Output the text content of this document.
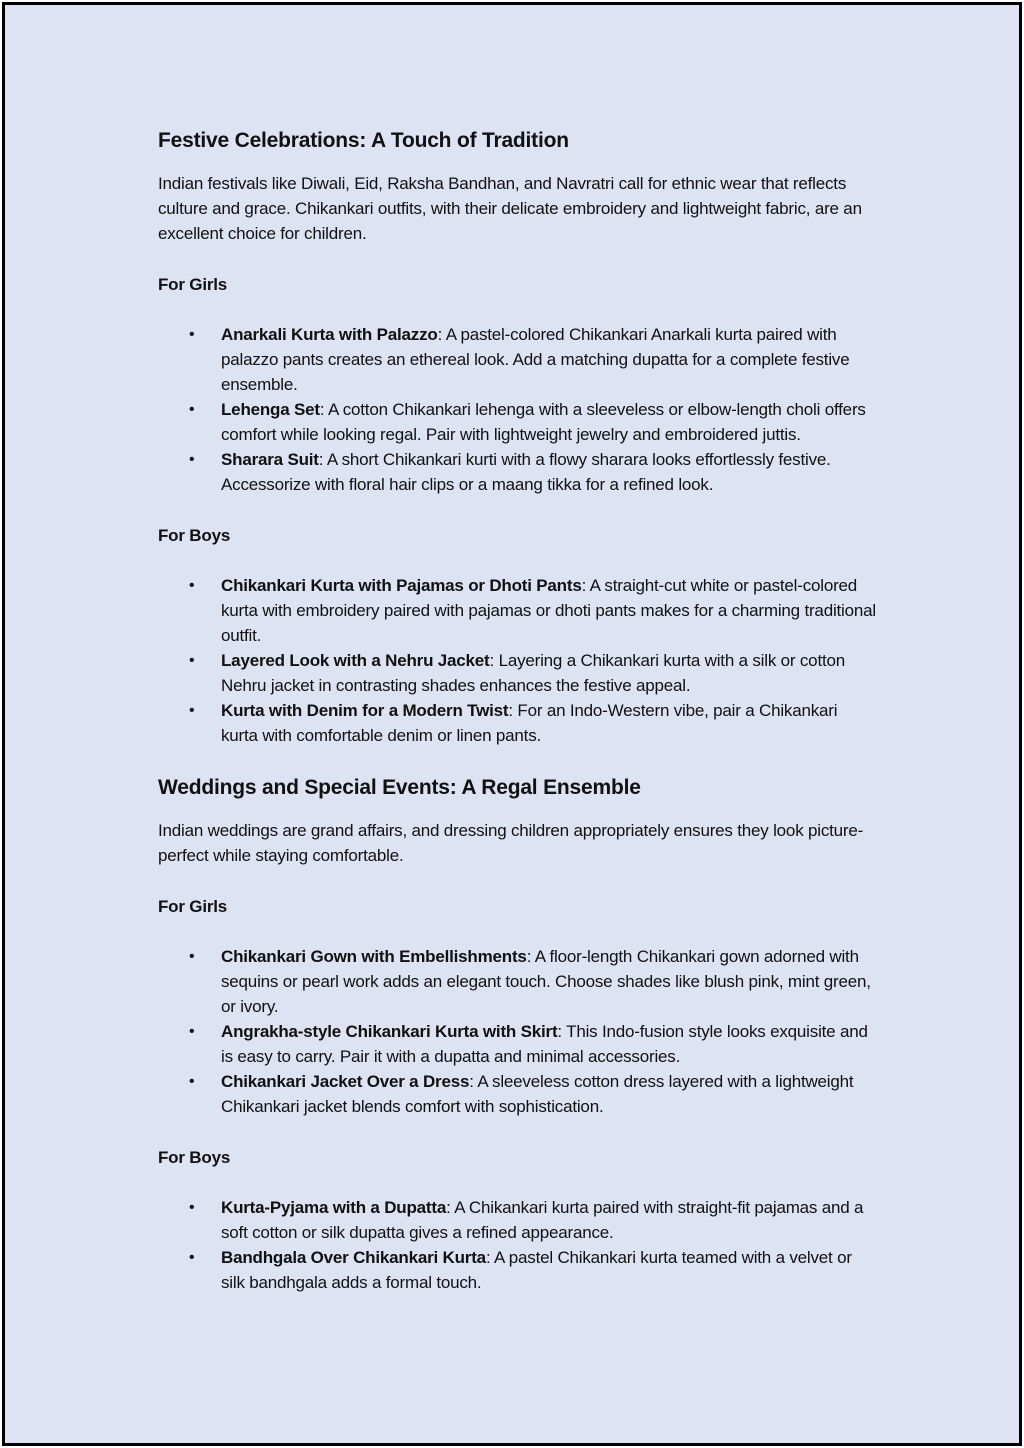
Festive Celebrations: A Touch of Tradition

Indian festivals like Diwali, Eid, Raksha Bandhan, and Navratri call for ethnic wear that reflects culture and grace. Chikankari outfits, with their delicate embroidery and lightweight fabric, are an excellent choice for children.

For Girls
• Anarkali Kurta with Palazzo: A pastel-colored Chikankari Anarkali kurta paired with palazzo pants creates an ethereal look. Add a matching dupatta for a complete festive ensemble.
• Lehenga Set: A cotton Chikankari lehenga with a sleeveless or elbow-length choli offers comfort while looking regal. Pair with lightweight jewelry and embroidered juttis.
• Sharara Suit: A short Chikankari kurti with a flowy sharara looks effortlessly festive. Accessorize with floral hair clips or a maang tikka for a refined look.
For Boys
• Chikankari Kurta with Pajamas or Dhoti Pants: A straight-cut white or pastel-colored kurta with embroidery paired with pajamas or dhoti pants makes for a charming traditional outfit.
• Layered Look with a Nehru Jacket: Layering a Chikankari kurta with a silk or cotton Nehru jacket in contrasting shades enhances the festive appeal.
• Kurta with Denim for a Modern Twist: For an Indo-Western vibe, pair a Chikankari kurta with comfortable denim or linen pants.
Weddings and Special Events: A Regal Ensemble

Indian weddings are grand affairs, and dressing children appropriately ensures they look picture-perfect while staying comfortable.

For Girls
• Chikankari Gown with Embellishments: A floor-length Chikankari gown adorned with sequins or pearl work adds an elegant touch. Choose shades like blush pink, mint green, or ivory.
• Angrakha-style Chikankari Kurta with Skirt: This Indo-fusion style looks exquisite and is easy to carry. Pair it with a dupatta and minimal accessories.
• Chikankari Jacket Over a Dress: A sleeveless cotton dress layered with a lightweight Chikankari jacket blends comfort with sophistication.
For Boys
• Kurta-Pyjama with a Dupatta: A Chikankari kurta paired with straight-fit pajamas and a soft cotton or silk dupatta gives a refined appearance.
• Bandhgala Over Chikankari Kurta: A pastel Chikankari kurta teamed with a velvet or silk bandhgala adds a formal touch.
